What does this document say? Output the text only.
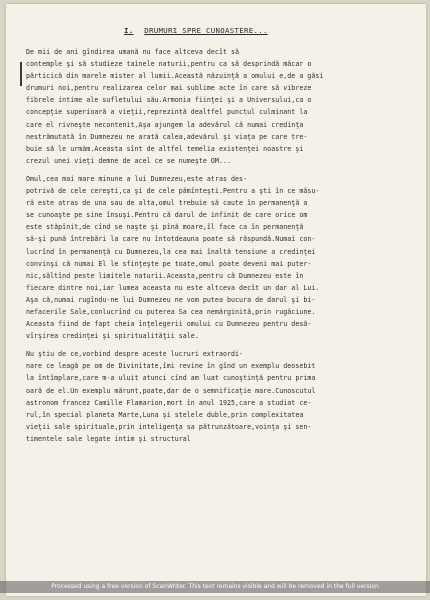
I. DRUMURI SPRE CUNOASTERE...
De mii de ani gîndirea umană nu face altceva decît să
contemple şi să studieze tainele naturii,pentru ca să desprindă măcar o
părticică din marele mister al lumii.Această năzuinţă a omului e,de a găsi
drumuri noi,pentru realizarea celor mai sublime acte în care să vibreze
fibrele intime ale sufletului său.Armonia fiinţei şi a Universului,ca o
concepţie superioară a vieţii,reprezintă dealtfel punctul culminant la
care el rivneşte necontenit.Aşa ajungem la adevărul că numai credinţa
nestrămutată în Dumnezeu ne arată calea,adevărul şi viaţa pe care tre-
buie să le urmăm.Aceasta sînt de altfel temelia existenţei noastre şi
crezul unei vieţi demne de acel ce se numeşte OM...
Omul,cea mai mare minune a lui Dumnezeu,este atras des-
potrivă de cele cereşti,ca şi de cele pămînteşti.Pentru a şti în ce măsu-
ră este atras de una sau de alta,omul trebuie să caute în permanenţă a
se cunoaşte pe sine însuşi.Pentru că darul de infinit de care orice om
este stăpînit,de cînd se naşte şi pînă moare,îl face ca în permanenţă
să-şi pună întrebări la care nu întotdeauna poate să răspundă.Numai con-
lucrînd în permanenţă cu Dumnezeu,la cea mai înaltă tensiune a credinţei
convinşi că numai El le sfinţeşte pe toate,omul poate deveni mai puter-
nic,săltînd peste limitele naturii.Aceasta,pentru că Dumnezeu este în
fiecare dintre noi,iar lumea aceasta nu este altceva decît un dar al Lui.
Aşa că,numai rugîndu-ne lui Dumnezeu ne vom putea bucura de darul şi bi-
nefacerile Sale,conlucrînd cu puterea Sa cea nemărginită,prin rugăciune.
Aceasta fiind de fapt cheia înţelegerii omului cu Dumnezeu pentru desă-
vîrşirea credinţei şi spiritualităţii sale.
Nu ştiu de ce,vorbind despre aceste lucruri extraordi-
nare ce leagă pe om de Divinitate,îmi revine în gînd un exemplu deosebit
la întîmplare,care m-a uluit atunci cînd am luat cunoştinţă pentru prima
oară de el.Un exemplu mărunt,poate,dar de o semnificaţie mare.Cunoscutul
astronom francez Camille Flamarion,mort în anul 1925,care a studiat ce-
rul,în special planeta Marte,Luna şi stelele duble,prin complexitatea
vieţii sale spirituale,prin inteligenţa sa pătrunzătoare,voinţa şi sen-
timentele sale legate intim şi structural
Processed using a free version of ScanWriter. This text remains visible and will be removed in the full version
